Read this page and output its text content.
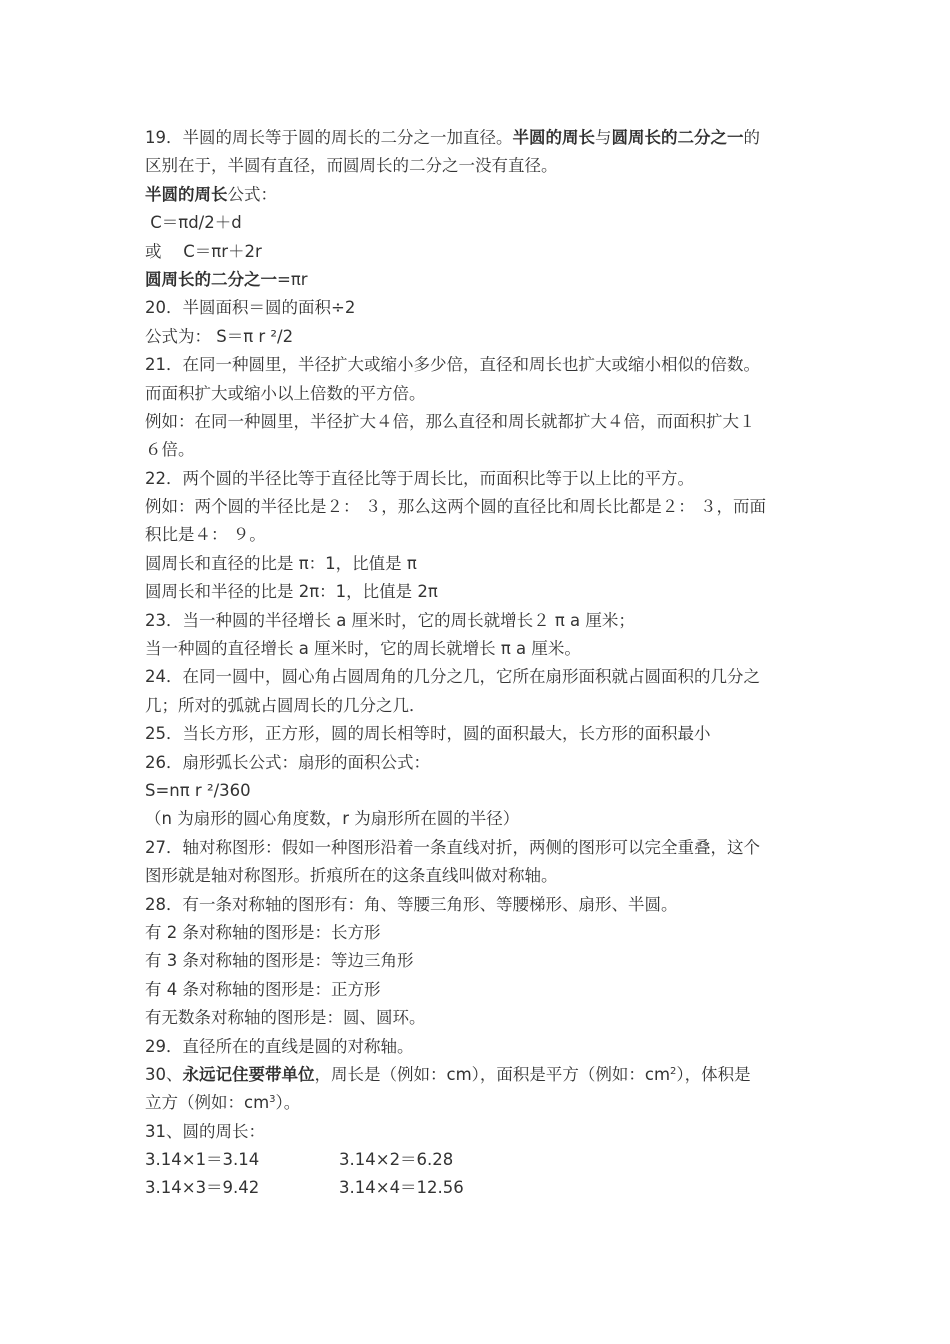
19．半圆的周长等于圆的周长的二分之一加直径。半圆的周长与圆周长的二分之一的
区别在于，半圆有直径，而圆周长的二分之一没有直径。
半圆的周长公式：
C＝πd/2＋d
或　 C＝πr＋2r
圆周长的二分之一=πr
20．半圆面积＝圆的面积÷2
公式为： S＝π r ²/2
21．在同一种圆里，半径扩大或缩小多少倍，直径和周长也扩大或缩小相似的倍数。
而面积扩大或缩小以上倍数的平方倍。
例如：在同一种圆里，半径扩大４倍，那么直径和周长就都扩大４倍，而面积扩大１
６倍。
22．两个圆的半径比等于直径比等于周长比，而面积比等于以上比的平方。
例如：两个圆的半径比是２： ３，那么这两个圆的直径比和周长比都是２： ３，而面
积比是４： ９。
圆周长和直径的比是 π：1，比值是 π
圆周长和半径的比是 2π：1，比值是 2π
23．当一种圆的半径增长 a 厘米时，它的周长就增长２ π a 厘米；
当一种圆的直径增长 a 厘米时，它的周长就增长 π a 厘米。
24．在同一圆中，圆心角占圆周角的几分之几，它所在扇形面积就占圆面积的几分之
几；所对的弧就占圆周长的几分之几．
25．当长方形，正方形，圆的周长相等时，圆的面积最大，长方形的面积最小
26．扇形弧长公式：扇形的面积公式：
S=nπ r ²/360
（n 为扇形的圆心角度数，r 为扇形所在圆的半径）
27．轴对称图形：假如一种图形沿着一条直线对折，两侧的图形可以完全重叠，这个
图形就是轴对称图形。折痕所在的这条直线叫做对称轴。
28．有一条对称轴的图形有：角、等腰三角形、等腰梯形、扇形、半圆。
有 2 条对称轴的图形是：长方形
有 3 条对称轴的图形是：等边三角形
有 4 条对称轴的图形是：正方形
有无数条对称轴的图形是：圆、圆环。
29．直径所在的直线是圆的对称轴。
30、永远记住要带单位，周长是（例如：cm），面积是平方（例如：$cm^2$），体积是
立方（例如：$cm^3$）。
31、圆的周长：
3.14×1＝3.14	3.14×2＝6.28
3.14×3＝9.42	3.14×4＝12.56
